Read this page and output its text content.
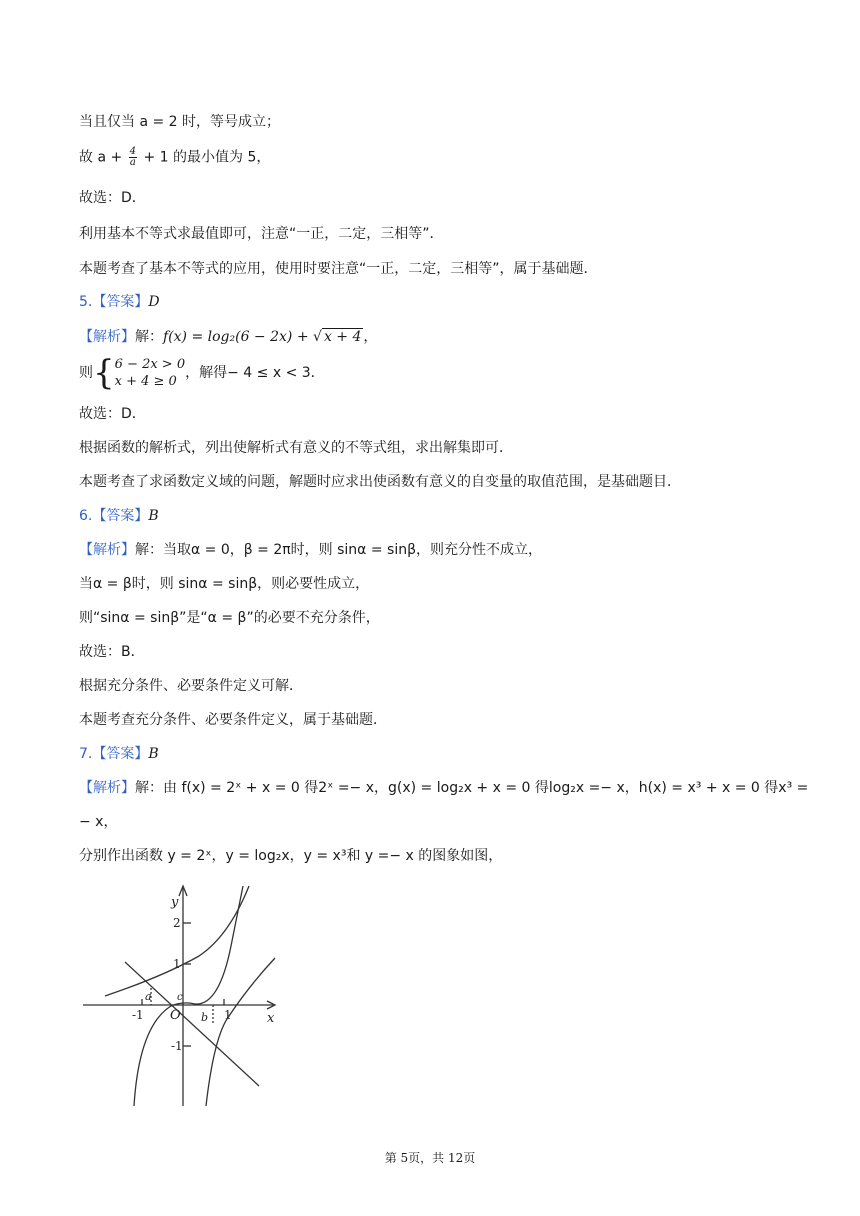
当且仅当 a = 2 时，等号成立；
故 $a + \frac{4}{a} + 1$ 的最小值为 5，
故选：D．
利用基本不等式求最值即可，注意“一正，二定，三相等”．
本题考查了基本不等式的应用，使用时要注意“一正，二定，三相等”，属于基础题．
5.【答案】D
【解析】解：f(x) = log₂(6 − 2x) + √ x + 4 ，
则{ 6 − 2x > 0
x + 4 ≥ 0
，解得− 4 ≤ x < 3．
故选：D．
根据函数的解析式，列出使解析式有意义的不等式组，求出解集即可．
本题考查了求函数定义域的问题，解题时应求出使函数有意义的自变量的取值范围，是基础题目．
6.【答案】B
【解析】解：当取α = 0，β = 2π时，则 sinα = sinβ，则充分性不成立，
当α = β时，则 sinα = sinβ，则必要性成立，
则“sinα = sinβ”是“α = β”的必要不充分条件，
故选：B．
根据充分条件、必要条件定义可解．
本题考查充分条件、必要条件定义，属于基础题．
7.【答案】B
【解析】解：由 f(x) = 2ˣ + x = 0 得2ˣ =− x，g(x) = log₂x + x = 0 得log₂x =− x，h(x) = x³ + x = 0 得x³ =
− x，
分别作出函数 y = 2ˣ，y = log₂x，y = x³和 y =− x 的图象如图，
y
x
O
a
b
c
2
1
-1
-1	1
第 5页，共 12页
